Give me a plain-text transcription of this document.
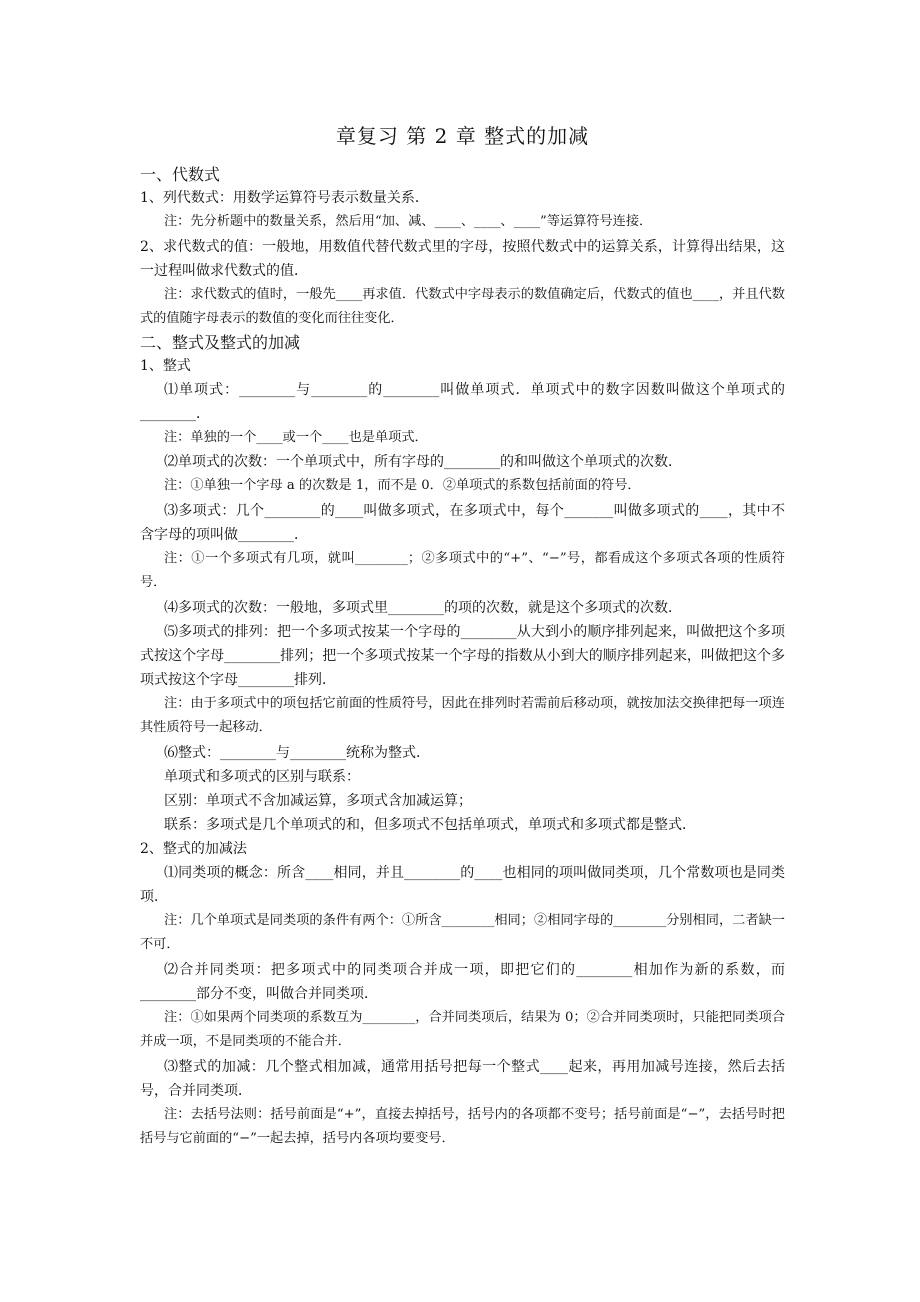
章复习 第 2 章 整式的加减
一、代数式
1、列代数式：用数学运算符号表示数量关系．
注：先分析题中的数量关系，然后用“加、减、____、____、____”等运算符号连接．
2、求代数式的值：一般地，用数值代替代数式里的字母，按照代数式中的运算关系，计算得出结果，这一过程叫做求代数式的值．
注：求代数式的值时，一般先____再求值．代数式中字母表示的数值确定后，代数式的值也____，并且代数式的值随字母表示的数值的变化而往往变化．
二、整式及整式的加减
1、整式
⑴单项式：________与________的________叫做单项式．单项式中的数字因数叫做这个单项式的________．
注：单独的一个____或一个____也是单项式．
⑵单项式的次数：一个单项式中，所有字母的________的和叫做这个单项式的次数．
注：①单独一个字母 a 的次数是 1，而不是 0．②单项式的系数包括前面的符号．
⑶多项式：几个________的____叫做多项式，在多项式中，每个_______叫做多项式的____，其中不含字母的项叫做________．
注：①一个多项式有几项，就叫________；②多项式中的“+”、“−”号，都看成这个多项式各项的性质符号．
⑷多项式的次数：一般地，多项式里________的项的次数，就是这个多项式的次数．
⑸多项式的排列：把一个多项式按某一个字母的________从大到小的顺序排列起来，叫做把这个多项式按这个字母________排列；把一个多项式按某一个字母的指数从小到大的顺序排列起来，叫做把这个多项式按这个字母________排列．
注：由于多项式中的项包括它前面的性质符号，因此在排列时若需前后移动项，就按加法交换律把每一项连其性质符号一起移动．
⑹整式：________与________统称为整式．
单项式和多项式的区别与联系：
区别：单项式不含加减运算，多项式含加减运算；
联系：多项式是几个单项式的和，但多项式不包括单项式，单项式和多项式都是整式．
2、整式的加减法
⑴同类项的概念：所含____相同，并且________的____也相同的项叫做同类项，几个常数项也是同类项．
注：几个单项式是同类项的条件有两个：①所含________相同；②相同字母的________分别相同，二者缺一不可．
⑵合并同类项：把多项式中的同类项合并成一项，即把它们的________相加作为新的系数，而________部分不变，叫做合并同类项．
注：①如果两个同类项的系数互为________，合并同类项后，结果为 0；②合并同类项时，只能把同类项合并成一项，不是同类项的不能合并．
⑶整式的加减：几个整式相加减，通常用括号把每一个整式____起来，再用加减号连接，然后去括号，合并同类项．
注：去括号法则：括号前面是“+”，直接去掉括号，括号内的各项都不变号；括号前面是“−”，去括号时把括号与它前面的“−”一起去掉，括号内各项均要变号．
